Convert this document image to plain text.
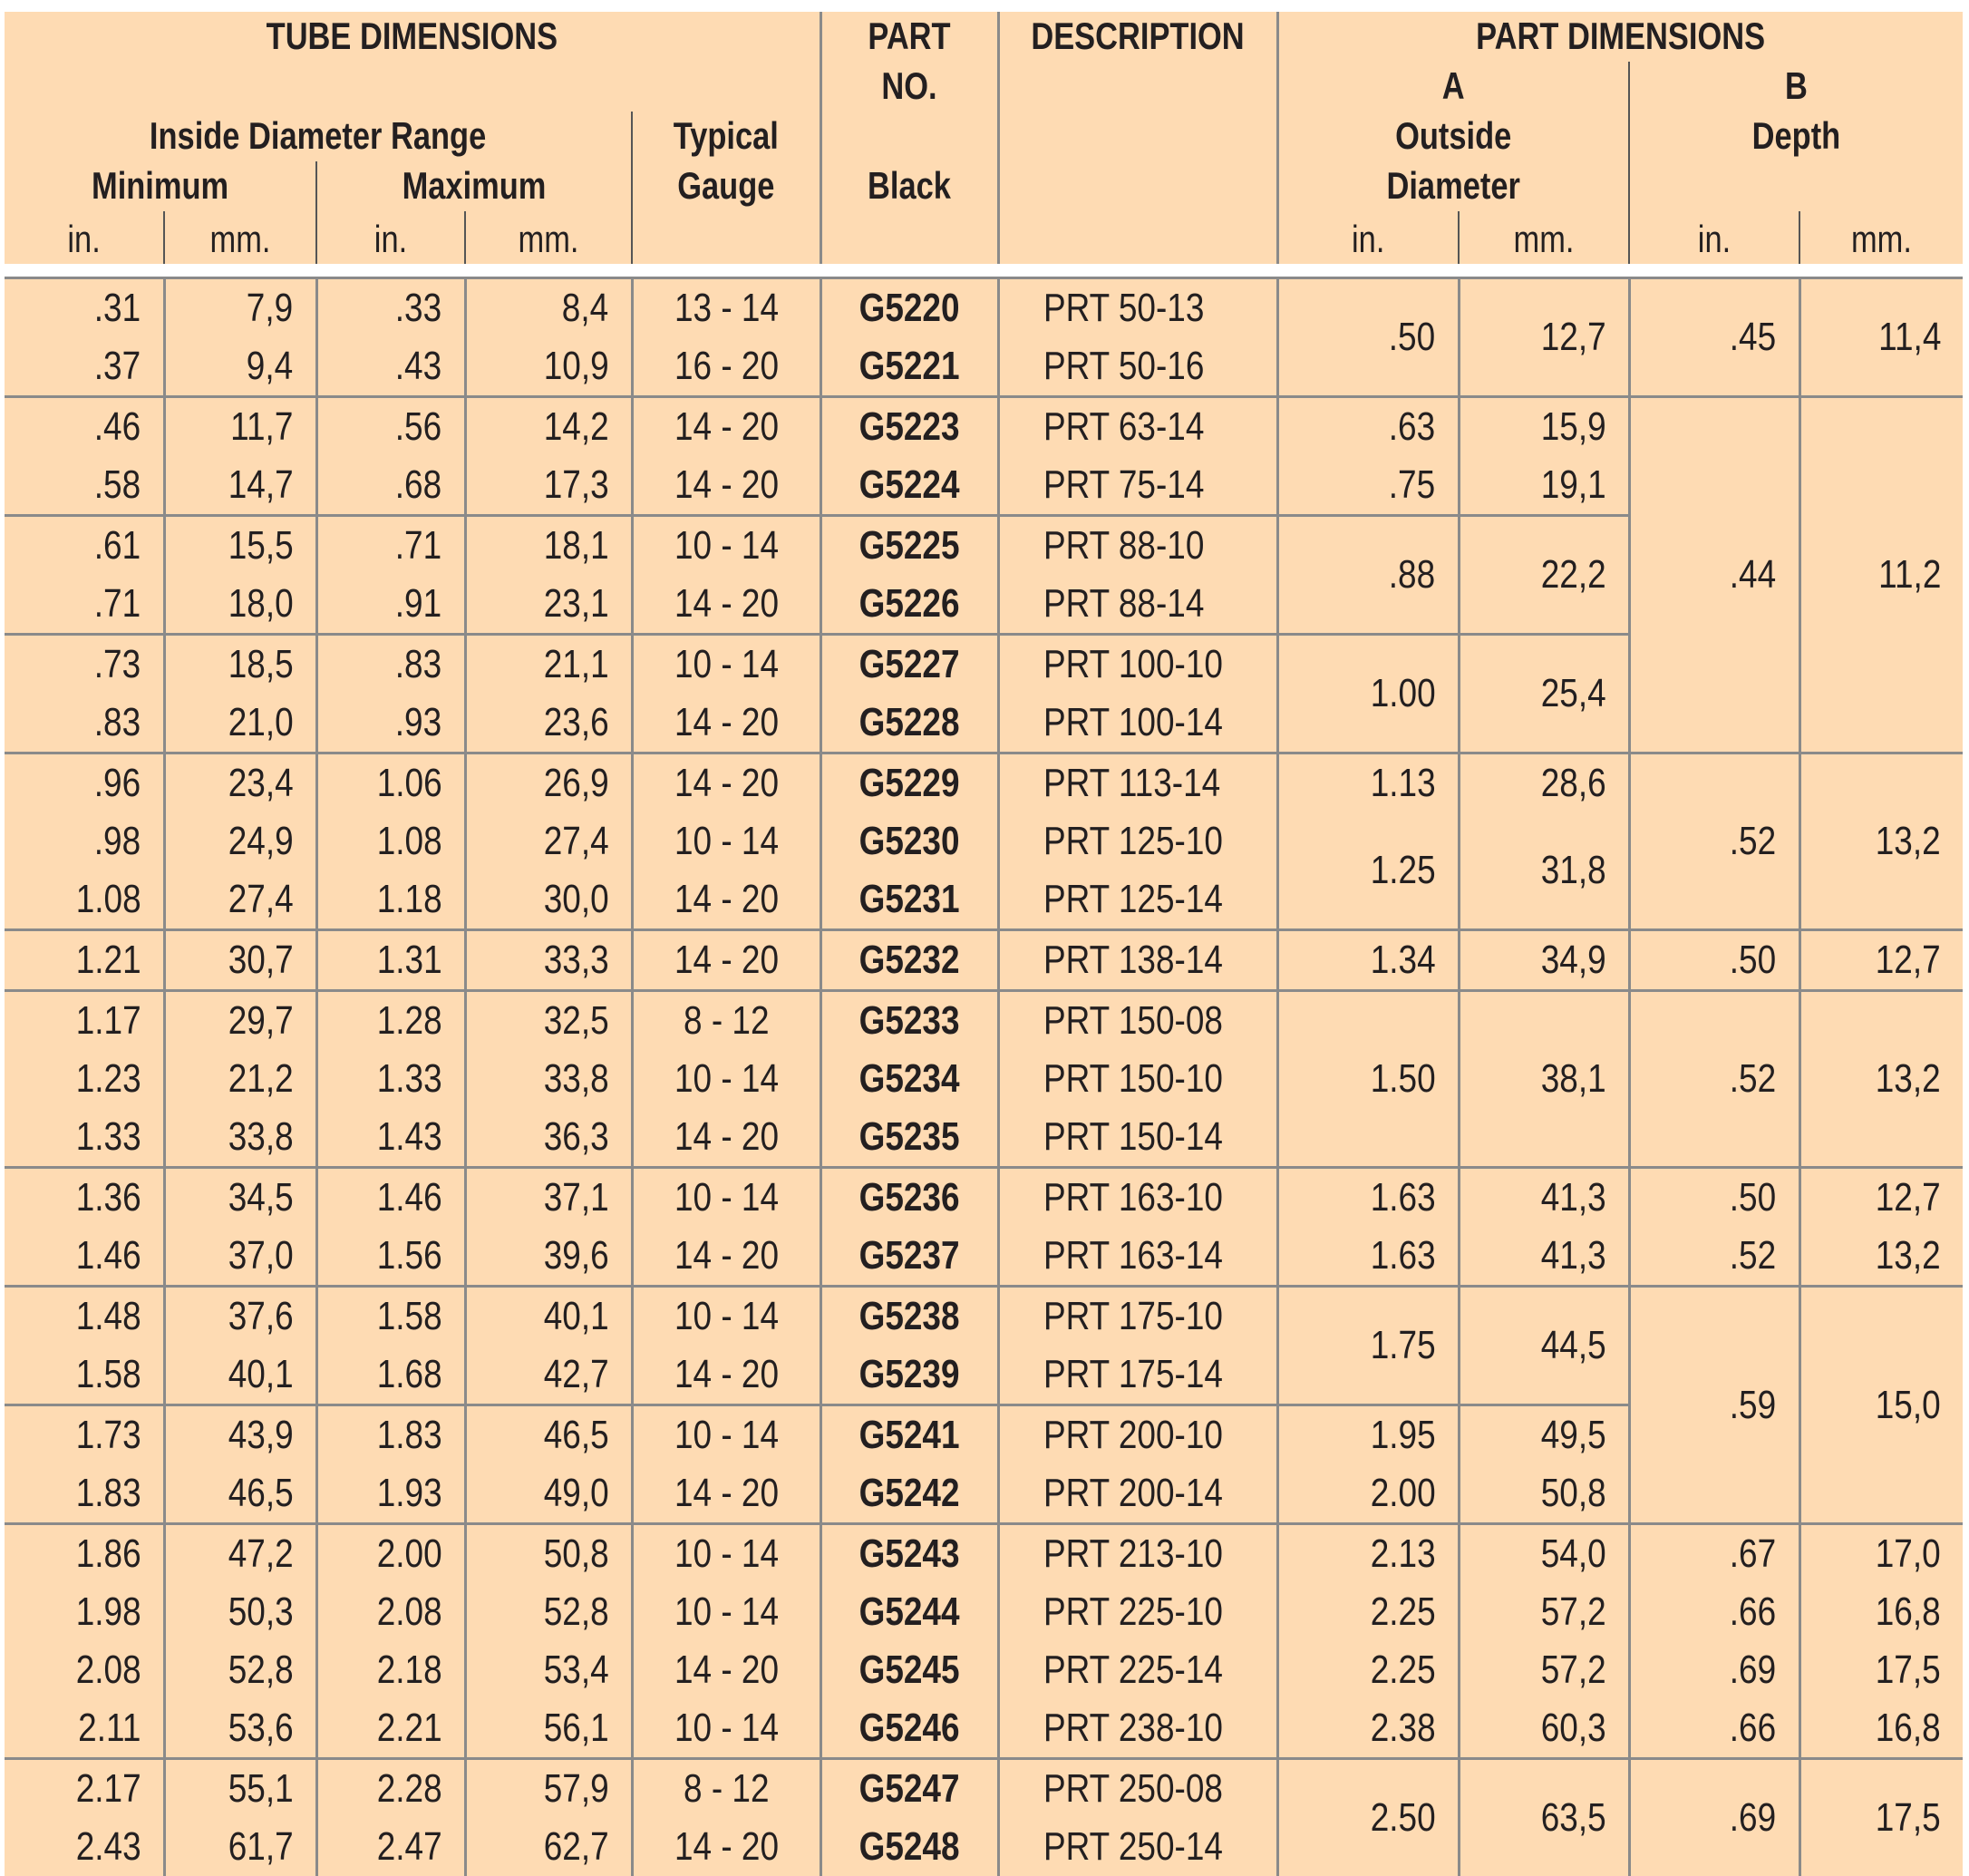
TUBE DIMENSIONS					PART	DESCRIPTION	PART DIMENSIONS			
					NO.		A		B	
Inside Diameter Range				Typical			Outside		Depth	
Minimum		Maximum		Gauge	Black		Diameter			
in.	mm.	in.	mm.				in.	mm.	in.	mm.

.31	7,9	.33	8,4	13 - 14	G5220	PRT 50-13	.50	12,7	.45	11,4
.37	9,4	.43	10,9	16 - 20	G5221	PRT 50-16				
.46	11,7	.56	14,2	14 - 20	G5223	PRT 63-14	.63	15,9	.44	11,2
.58	14,7	.68	17,3	14 - 20	G5224	PRT 75-14	.75	19,1		
.61	15,5	.71	18,1	10 - 14	G5225	PRT 88-10	.88	22,2		
.71	18,0	.91	23,1	14 - 20	G5226	PRT 88-14				
.73	18,5	.83	21,1	10 - 14	G5227	PRT 100-10	1.00	25,4		
.83	21,0	.93	23,6	14 - 20	G5228	PRT 100-14				
.96	23,4	1.06	26,9	14 - 20	G5229	PRT 113-14	1.13	28,6	.52	13,2
.98	24,9	1.08	27,4	10 - 14	G5230	PRT 125-10	1.25	31,8		
1.08	27,4	1.18	30,0	14 - 20	G5231	PRT 125-14				
1.21	30,7	1.31	33,3	14 - 20	G5232	PRT 138-14	1.34	34,9	.50	12,7
1.17	29,7	1.28	32,5	8 - 12	G5233	PRT 150-08	1.50	38,1	.52	13,2
1.23	21,2	1.33	33,8	10 - 14	G5234	PRT 150-10				
1.33	33,8	1.43	36,3	14 - 20	G5235	PRT 150-14				
1.36	34,5	1.46	37,1	10 - 14	G5236	PRT 163-10	1.63	41,3	.50	12,7
1.46	37,0	1.56	39,6	14 - 20	G5237	PRT 163-14	1.63	41,3	.52	13,2
1.48	37,6	1.58	40,1	10 - 14	G5238	PRT 175-10	1.75	44,5	.59	15,0
1.58	40,1	1.68	42,7	14 - 20	G5239	PRT 175-14				
1.73	43,9	1.83	46,5	10 - 14	G5241	PRT 200-10	1.95	49,5		
1.83	46,5	1.93	49,0	14 - 20	G5242	PRT 200-14	2.00	50,8		
1.86	47,2	2.00	50,8	10 - 14	G5243	PRT 213-10	2.13	54,0	.67	17,0
1.98	50,3	2.08	52,8	10 - 14	G5244	PRT 225-10	2.25	57,2	.66	16,8
2.08	52,8	2.18	53,4	14 - 20	G5245	PRT 225-14	2.25	57,2	.69	17,5
2.11	53,6	2.21	56,1	10 - 14	G5246	PRT 238-10	2.38	60,3	.66	16,8
2.17	55,1	2.28	57,9	8 - 12	G5247	PRT 250-08	2.50	63,5	.69	17,5
2.43	61,7	2.47	62,7	14 - 20	G5248	PRT 250-14				
